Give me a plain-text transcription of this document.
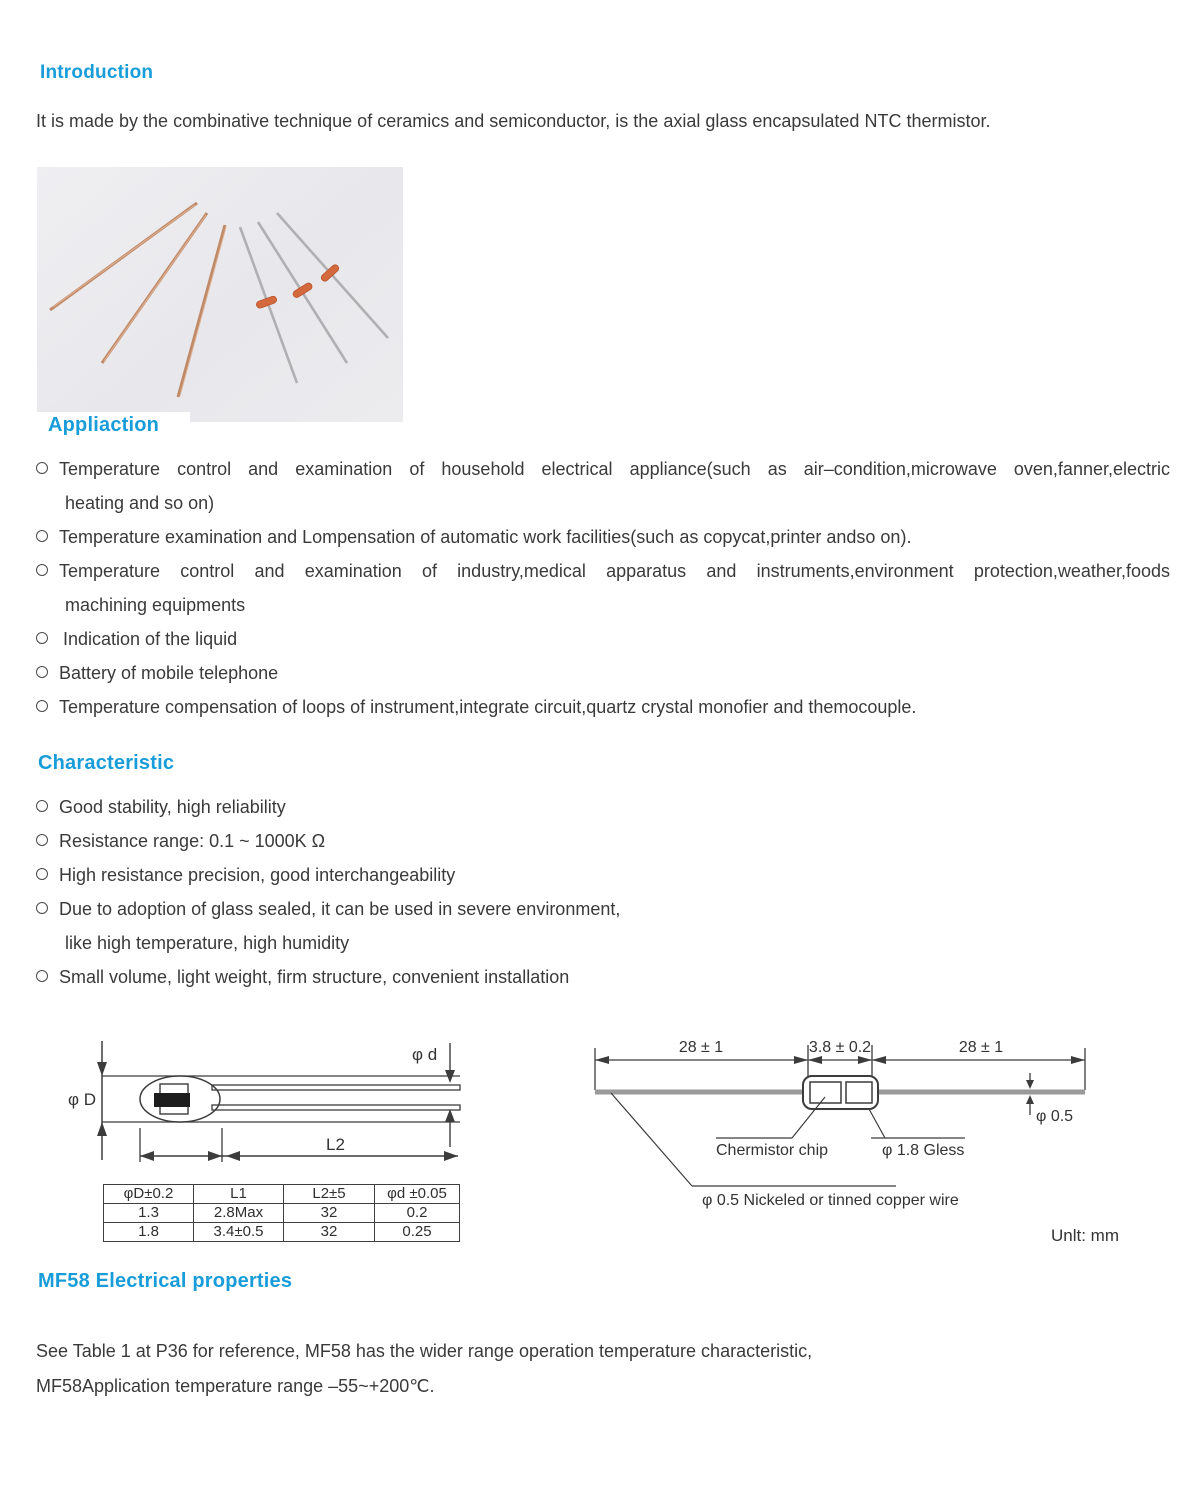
Introduction
It is made by the combinative technique of ceramics and semiconductor, is the axial glass encapsulated NTC thermistor.
Appliaction
Temperature control and examination of household electrical appliance(such as air–condition,microwave oven,fanner,electric
heating and so on)
Temperature examination and Lompensation of automatic work facilities(such as copycat,printer andso on).
Temperature control and examination of industry,medical apparatus and instruments,environment protection,weather,foods
machining equipments
Indication of the liquid
Battery of mobile telephone
Temperature compensation of loops of instrument,integrate circuit,quartz crystal monofier and themocouple.
Characteristic
Good stability, high reliability
Resistance range: 0.1 ~ 1000K Ω
High resistance precision, good interchangeability
Due to adoption of glass sealed, it can be used in severe environment,
like high temperature, high humidity
Small volume, light weight, firm structure, convenient installation
φ D
φ d
L2
φD±0.2	L1	L2±5	φd ±0.05
1.3	2.8Max	32	0.2
1.8	3.4±0.5	32	0.25
28 ± 1	3.8 ± 0.2	28 ± 1
φ 0.5
Chermistor chip	φ 1.8 Gless
φ 0.5 Nickeled or tinned copper wire
Unlt: mm
MF58 Electrical properties
See Table 1 at P36 for reference, MF58 has the wider range operation temperature characteristic,
MF58Application temperature range –55~+200℃.
